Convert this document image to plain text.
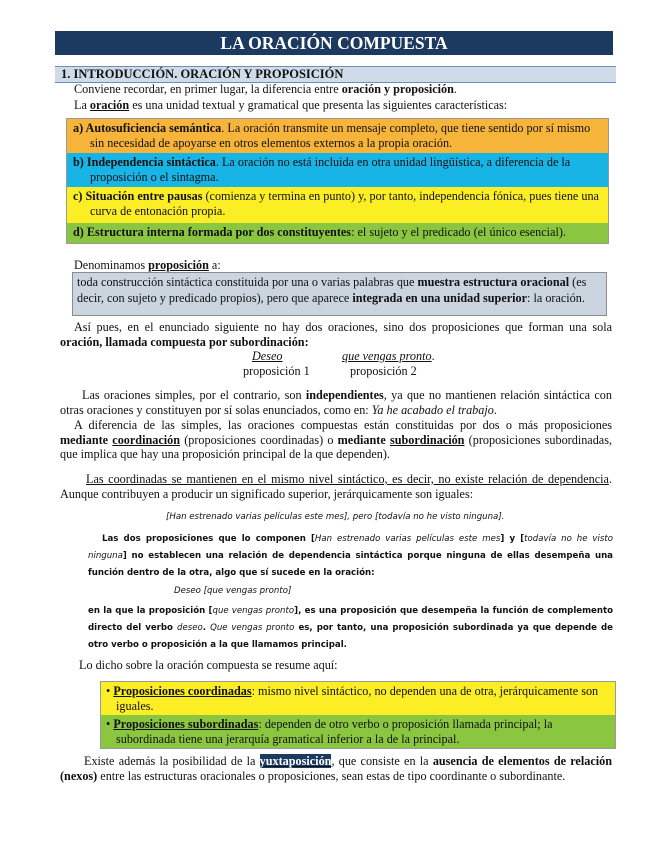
LA ORACIÓN COMPUESTA
1. INTRODUCCIÓN. ORACIÓN Y PROPOSICIÓN
Conviene recordar, en primer lugar, la diferencia entre oración y proposición.
La oración es una unidad textual y gramatical que presenta las siguientes características:
a) Autosuficiencia semántica. La oración transmite un mensaje completo, que tiene sentido por sí mismo sin necesidad de apoyarse en otros elementos externos a la propia oración.
b) Independencia sintáctica. La oración no está incluida en otra unidad lingüística, a diferencia de la proposición o el sintagma.
c) Situación entre pausas (comienza y termina en punto) y, por tanto, independencia fónica, pues tiene una curva de entonación propia.
d) Estructura interna formada por dos constituyentes: el sujeto y el predicado (el único esencial).
Denominamos proposición a:
toda construcción sintáctica constituida por una o varias palabras que muestra estructura oracional (es decir, con sujeto y predicado propios), pero que aparece integrada en una unidad superior: la oración.
Así pues, en el enunciado siguiente no hay dos oraciones, sino dos proposiciones que forman una sola oración, llamada compuesta por subordinación:
Deseo	que vengas pronto.
proposición 1	proposición 2
Las oraciones simples, por el contrario, son independientes, ya que no mantienen relación sintáctica con otras oraciones y constituyen por sí solas enunciados, como en: Ya he acabado el trabajo.
A diferencia de las simples, las oraciones compuestas están constituidas por dos o más proposiciones mediante coordinación (proposiciones coordinadas) o mediante subordinación (proposiciones subordinadas, que implica que hay una proposición principal de la que dependen).
Las coordinadas se mantienen en el mismo nivel sintáctico, es decir, no existe relación de dependencia. Aunque contribuyen a producir un significado superior, jerárquicamente son iguales:
[Han estrenado varias películas este mes], pero [todavía no he visto ninguna].
Las dos proposiciones que lo componen [Han estrenado varias películas este mes] y [todavía no he visto ninguna] no establecen una relación de dependencia sintáctica porque ninguna de ellas desempeña una función dentro de la otra, algo que sí sucede en la oración:
Deseo [que vengas pronto]
en la que la proposición [que vengas pronto], es una proposición que desempeña la función de complemento directo del verbo deseo. Que vengas pronto es, por tanto, una proposición subordinada ya que depende de otro verbo o proposición a la que llamamos principal.
Lo dicho sobre la oración compuesta se resume aquí:
• Proposiciones coordinadas: mismo nivel sintáctico, no dependen una de otra, jerárquicamente son iguales.
• Proposiciones subordinadas: dependen de otro verbo o proposición llamada principal; la subordinada tiene una jerarquía gramatical inferior a la de la principal.
Existe además la posibilidad de la yuxtaposición, que consiste en la ausencia de elementos de relación (nexos) entre las estructuras oracionales o proposiciones, sean estas de tipo coordinante o subordinante.
